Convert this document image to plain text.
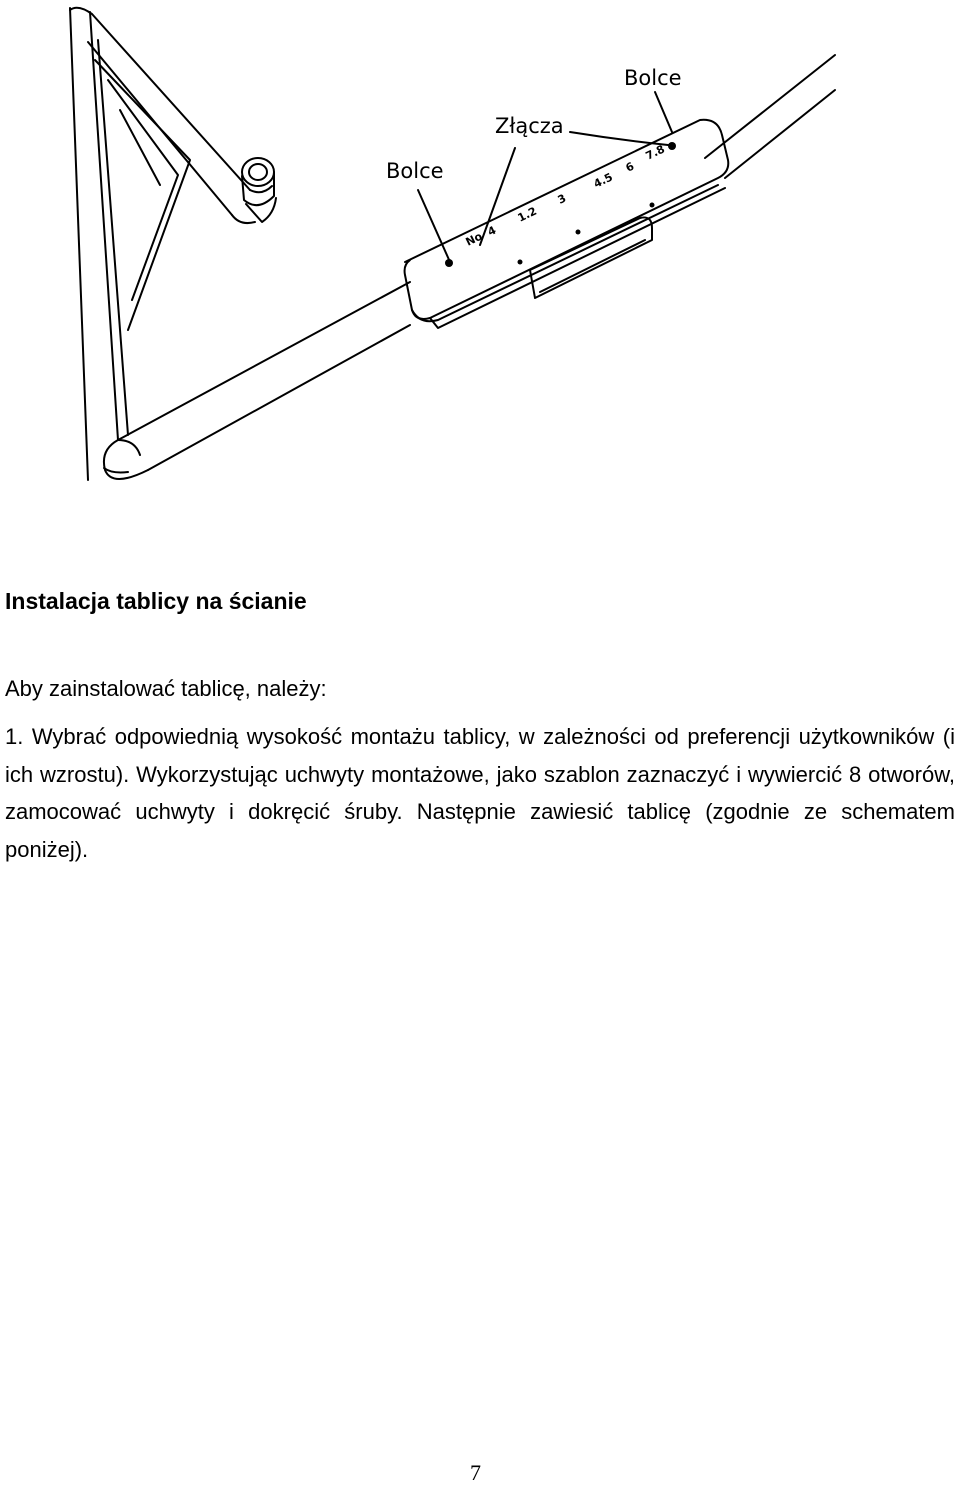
No 4
1.2
3
4.5
6
7.8
Bolce
Złącza
Bolce
Instalacja tablicy na ścianie

Aby zainstalować tablicę, należy:

1. Wybrać odpowiednią wysokość montażu tablicy, w zależności od preferencji użytkowników (i ich wzrostu). Wykorzystując uchwyty montażowe, jako szablon zaznaczyć i wywiercić 8 otworów, zamocować uchwyty i dokręcić śruby. Następnie zawiesić tablicę (zgodnie ze schematem poniżej).

7
